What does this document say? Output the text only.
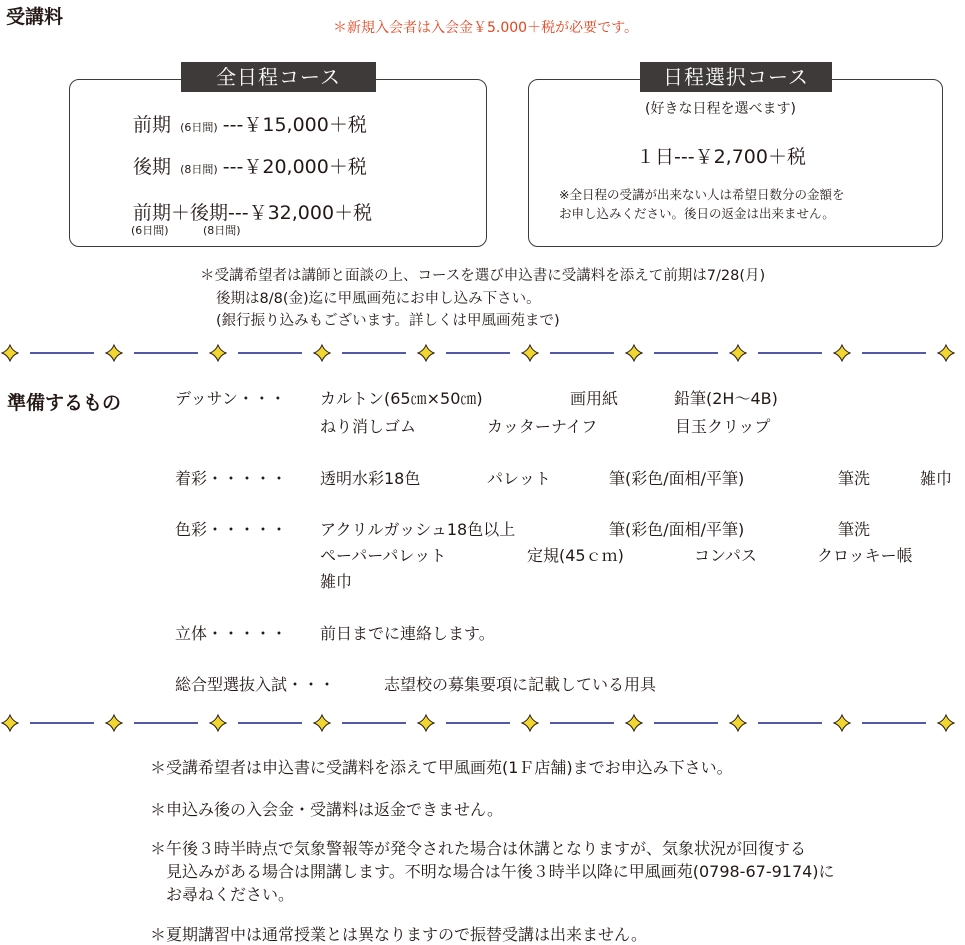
受講料	＊新規入会者は入会金￥5.000＋税が必要です。
全日程コース
前期 (6日間) ---￥15,000＋税
後期 (8日間) ---￥20,000＋税
前期＋後期---￥32,000＋税
(6日間)	(8日間)
日程選択コース
(好きな日程を選べます)
１日---￥2,700＋税
※全日程の受講が出来ない人は希望日数分の金額を
お申し込みください。後日の返金は出来ません。
＊受講希望者は講師と面談の上、コースを選び申込書に受講料を添えて前期は7/28(月)
後期は8/8(金)迄に甲風画苑にお申し込み下さい。
(銀行振り込みもございます。詳しくは甲風画苑まで)
準備するもの	デッサン・・・ カルトン(65㎝×50㎝)	画用紙	鉛筆(2H〜4B)
ねり消しゴム	カッターナイフ	目玉クリップ
着彩・・・・・ 透明水彩18色	パレット	筆(彩色/面相/平筆)	筆洗	雑巾
色彩・・・・・ アクリルガッシュ18色以上	筆(彩色/面相/平筆)	筆洗
ペーパーパレット	定規(45ｃｍ)	コンパス	クロッキー帳
雑巾
立体・・・・・ 前日までに連絡します。
総合型選抜入試・・・	志望校の募集要項に記載している用具
＊受講希望者は申込書に受講料を添えて甲風画苑(1Ｆ店舗)までお申込み下さい。
＊申込み後の入会金・受講料は返金できません。
＊午後３時半時点で気象警報等が発令された場合は休講となりますが、気象状況が回復する
見込みがある場合は開講します。不明な場合は午後３時半以降に甲風画苑(0798-67-9174)に
お尋ねください。
＊夏期講習中は通常授業とは異なりますので振替受講は出来ません。
